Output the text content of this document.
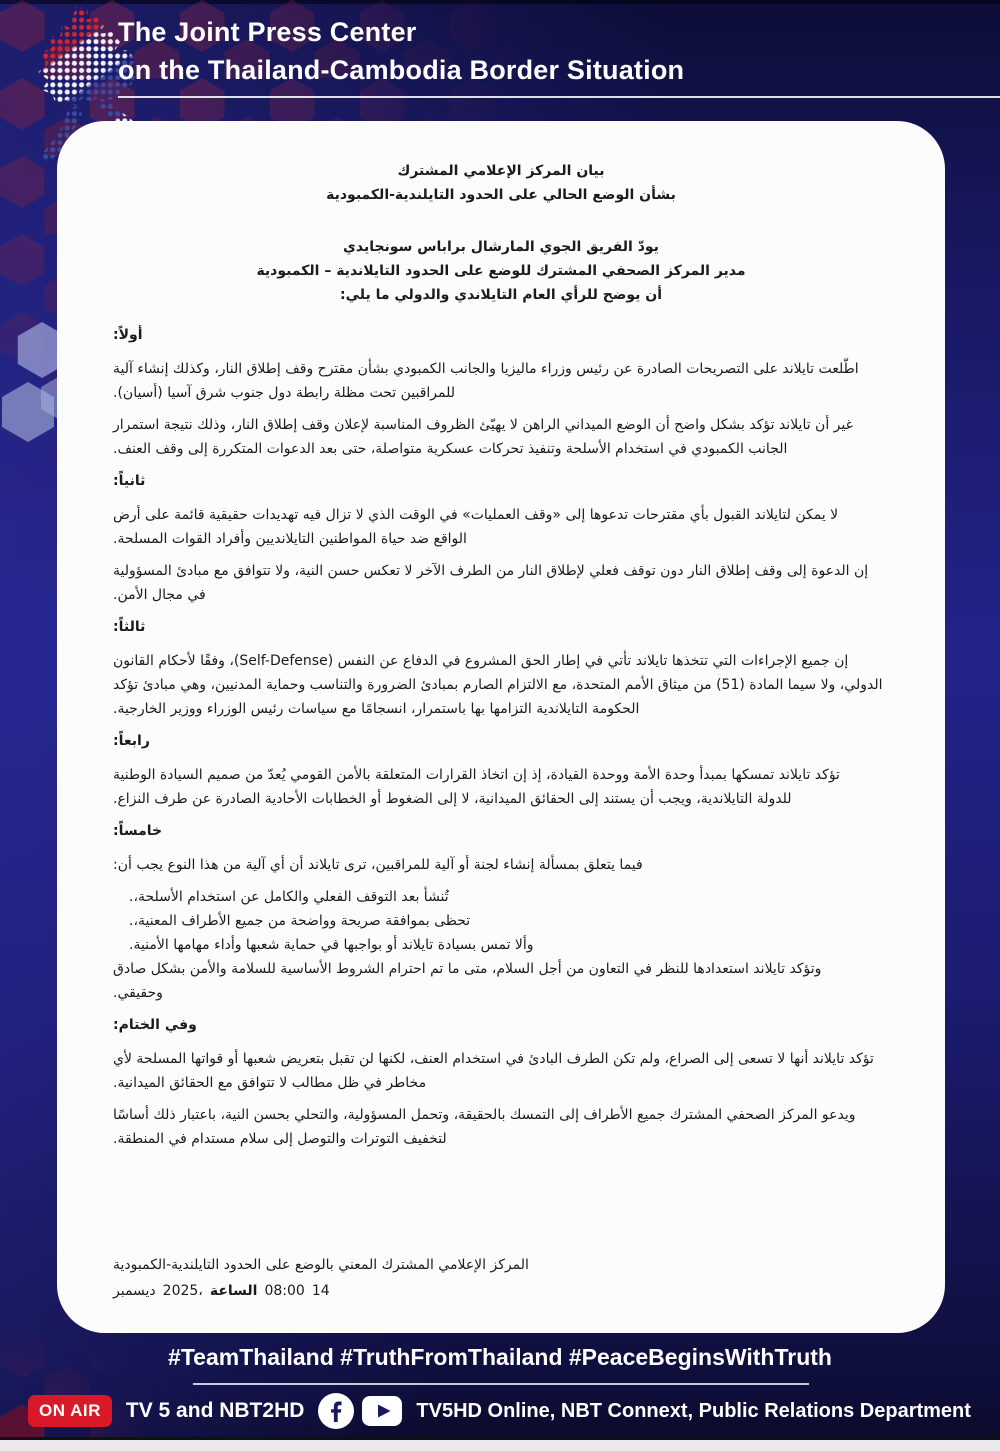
The Joint Press Center
on the Thailand-Cambodia Border Situation
بيان المركز الإعلامي المشترك
بشأن الوضع الحالي على الحدود التايلندية-الكمبودية
يودّ الفريق الجوي المارشال براباس سونجايدي
مدير المركز الصحفي المشترك للوضع على الحدود التايلاندية – الكمبودية
أن يوضح للرأي العام التايلاندي والدولي ما يلي:
أولاً:

اطّلعت تايلاند على التصريحات الصادرة عن رئيس وزراء ماليزيا والجانب الكمبودي بشأن مقترح وقف إطلاق النار، وكذلك إنشاء آلية للمراقبين تحت مظلة رابطة دول جنوب شرق آسيا (أسيان).

غير أن تايلاند تؤكد بشكل واضح أن الوضع الميداني الراهن لا يهيّئ الظروف المناسبة لإعلان وقف إطلاق النار، وذلك نتيجة استمرار الجانب الكمبودي في استخدام الأسلحة وتنفيذ تحركات عسكرية متواصلة، حتى بعد الدعوات المتكررة إلى وقف العنف.

ثانياً:

لا يمكن لتايلاند القبول بأي مقترحات تدعوها إلى «وقف العمليات» في الوقت الذي لا تزال فيه تهديدات حقيقية قائمة على أرض الواقع ضد حياة المواطنين التايلانديين وأفراد القوات المسلحة.

إن الدعوة إلى وقف إطلاق النار دون توقف فعلي لإطلاق النار من الطرف الآخر لا تعكس حسن النية، ولا تتوافق مع مبادئ المسؤولية في مجال الأمن.

ثالثاً:

إن جميع الإجراءات التي تتخذها تايلاند تأتي في إطار الحق المشروع في الدفاع عن النفس (Self-Defense)، وفقًا لأحكام القانون الدولي، ولا سيما المادة (51) من ميثاق الأمم المتحدة، مع الالتزام الصارم بمبادئ الضرورة والتناسب وحماية المدنيين، وهي مبادئ تؤكد الحكومة التايلاندية التزامها بها باستمرار، انسجامًا مع سياسات رئيس الوزراء ووزير الخارجية.

رابعاً:

تؤكد تايلاند تمسكها بمبدأ وحدة الأمة ووحدة القيادة، إذ إن اتخاذ القرارات المتعلقة بالأمن القومي يُعدّ من صميم السيادة الوطنية للدولة التايلاندية، ويجب أن يستند إلى الحقائق الميدانية، لا إلى الضغوط أو الخطابات الأحادية الصادرة عن طرف النزاع.

خامساً:

فيما يتعلق بمسألة إنشاء لجنة أو آلية للمراقبين، ترى تايلاند أن أي آلية من هذا النوع يجب أن:

تُنشأ بعد التوقف الفعلي والكامل عن استخدام الأسلحة،.
تحظى بموافقة صريحة وواضحة من جميع الأطراف المعنية،.
وألا تمس بسيادة تايلاند أو بواجبها في حماية شعبها وأداء مهامها الأمنية.

وتؤكد تايلاند استعدادها للنظر في التعاون من أجل السلام، متى ما تم احترام الشروط الأساسية للسلامة والأمن بشكل صادق وحقيقي.

وفي الختام:

تؤكد تايلاند أنها لا تسعى إلى الصراع، ولم تكن الطرف البادئ في استخدام العنف، لكنها لن تقبل بتعريض شعبها أو قواتها المسلحة لأي مخاطر في ظل مطالب لا تتوافق مع الحقائق الميدانية.

ويدعو المركز الصحفي المشترك جميع الأطراف إلى التمسك بالحقيقة، وتحمل المسؤولية، والتحلي بحسن النية، باعتبار ذلك أساسًا لتخفيف التوترات والتوصل إلى سلام مستدام في المنطقة.

المركز الإعلامي المشترك المعني بالوضع على الحدود التايلندية-الكمبودية
ديسمبر 2025، الساعة 08:00 14
#TeamThailand #TruthFromThailand #PeaceBeginsWithTruth
ON AIR	TV 5 and NBT2HD	TV5HD Online, NBT Connext, Public Relations Department
